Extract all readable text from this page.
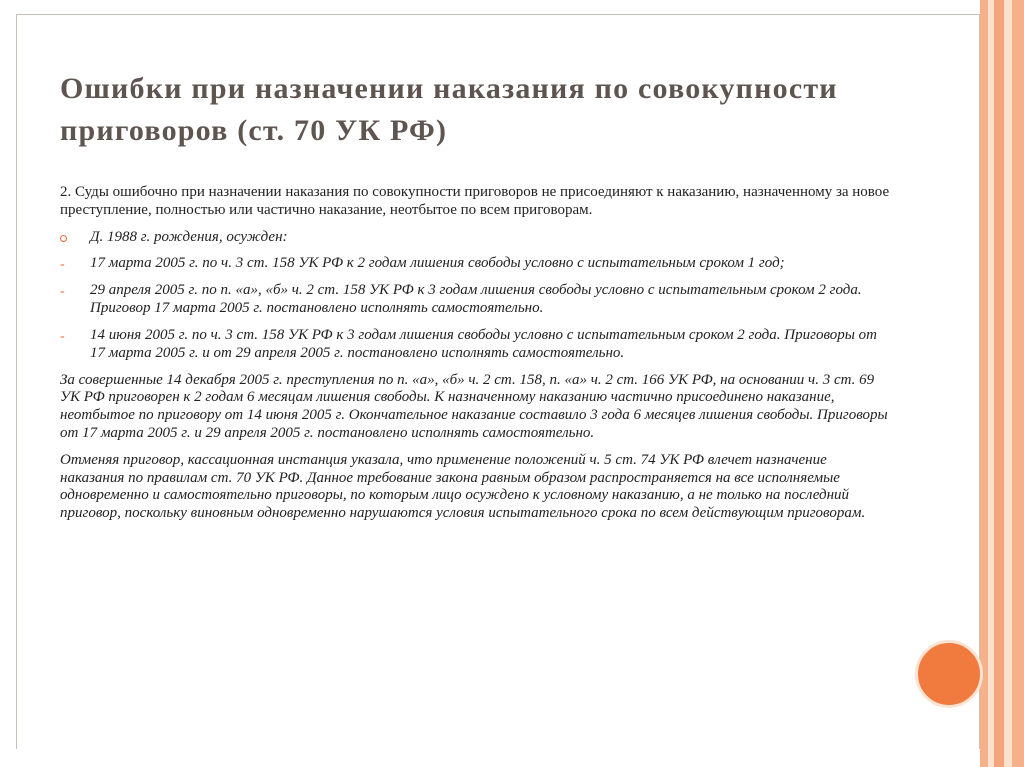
Ошибки при назначении наказания по совокупности приговоров (ст. 70 УК РФ)

2. Суды ошибочно при назначении наказания по совокупности приговоров не присоединяют к наказанию, назначенному за новое преступление, полностью или частично наказание, неотбытое по всем приговорам.

Д. 1988 г. рождения, осужден:
-	17 марта 2005 г. по ч. 3 ст. 158 УК РФ к 2 годам лишения свободы условно с испытательным сроком 1 год;
-	29 апреля 2005 г. по п. «а», «б» ч. 2 ст. 158 УК РФ к 3 годам лишения свободы условно с испытательным сроком 2 года. Приговор 17 марта 2005 г. постановлено исполнять самостоятельно.
-	14 июня 2005 г. по ч. 3 ст. 158 УК РФ к 3 годам лишения свободы условно с испытательным сроком 2 года. Приговоры от 17 марта 2005 г. и от 29 апреля 2005 г. постановлено исполнять самостоятельно.

За совершенные 14 декабря 2005 г. преступления по п. «а», «б» ч. 2 ст. 158, п. «а» ч. 2 ст. 166 УК РФ, на основании ч. 3 ст. 69 УК РФ приговорен к 2 годам 6 месяцам лишения свободы. К назначенному наказанию частично присоединено наказание, неотбытое по приговору от 14 июня 2005 г. Окончательное наказание составило 3 года 6 месяцев лишения свободы. Приговоры от 17 марта 2005 г. и 29 апреля 2005 г. постановлено исполнять самостоятельно.

Отменяя приговор, кассационная инстанция указала, что применение положений ч. 5 ст. 74 УК РФ влечет назначение наказания по правилам ст. 70 УК РФ. Данное требование закона равным образом распространяется на все исполняемые одновременно и самостоятельно приговоры, по которым лицо осуждено к условному наказанию, а не только на последний приговор, поскольку виновным одновременно нарушаются условия испытательного срока по всем действующим приговорам.
